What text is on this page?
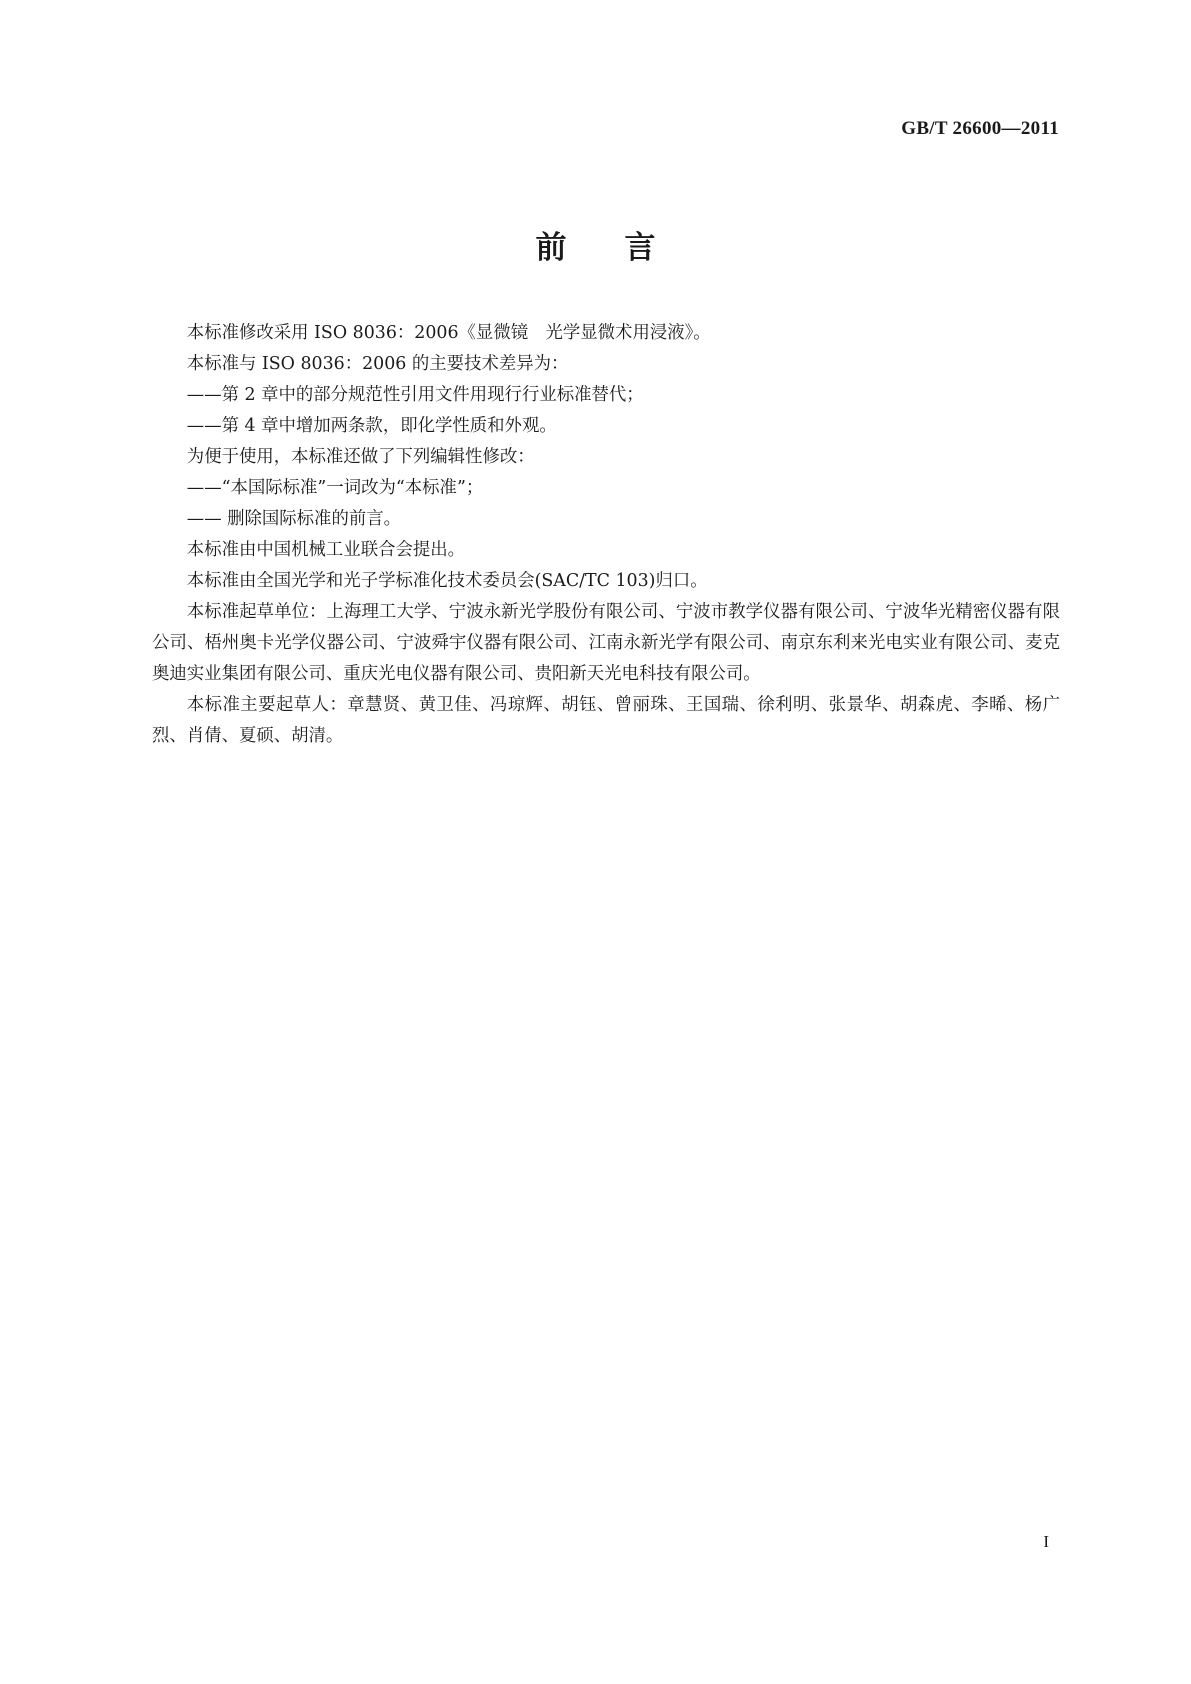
GB/T 26600—2011
前 言

本标准修改采用 ISO 8036：2006《显微镜　光学显微术用浸液》。

本标准与 ISO 8036：2006 的主要技术差异为：

——第 2 章中的部分规范性引用文件用现行行业标准替代；

——第 4 章中增加两条款，即化学性质和外观。

为便于使用，本标准还做了下列编辑性修改：

——“本国际标准”一词改为“本标准”；

—— 删除国际标准的前言。

本标准由中国机械工业联合会提出。

本标准由全国光学和光子学标准化技术委员会(SAC/TC 103)归口。

本标准起草单位：上海理工大学、宁波永新光学股份有限公司、宁波市教学仪器有限公司、宁波华光精密仪器有限公司、梧州奥卡光学仪器公司、宁波舜宇仪器有限公司、江南永新光学有限公司、南京东利来光电实业有限公司、麦克奥迪实业集团有限公司、重庆光电仪器有限公司、贵阳新天光电科技有限公司。

本标准主要起草人：章慧贤、黄卫佳、冯琼辉、胡钰、曾丽珠、王国瑞、徐利明、张景华、胡森虎、李晞、杨广烈、肖倩、夏硕、胡清。

I
